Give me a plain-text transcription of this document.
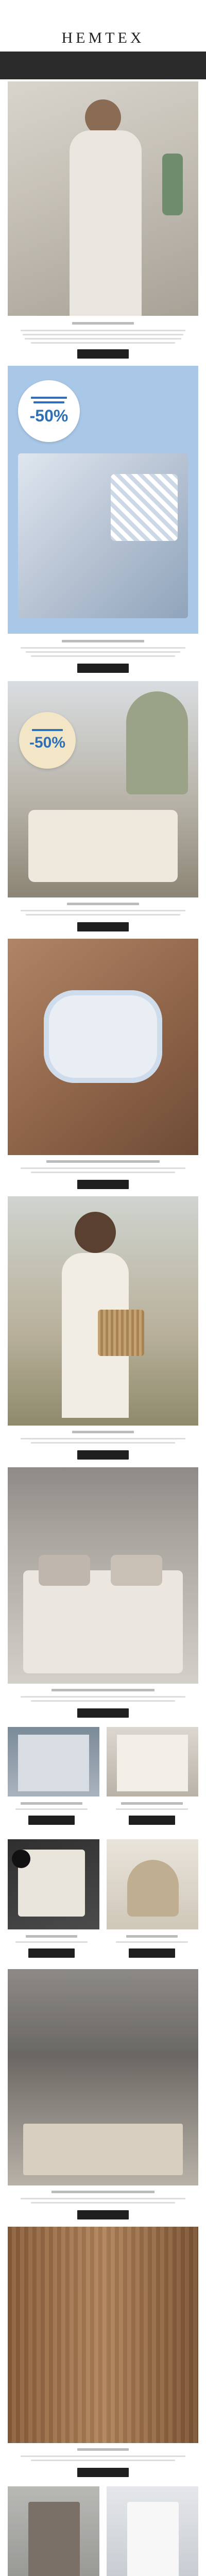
HEMTEX
-50%
-50%
